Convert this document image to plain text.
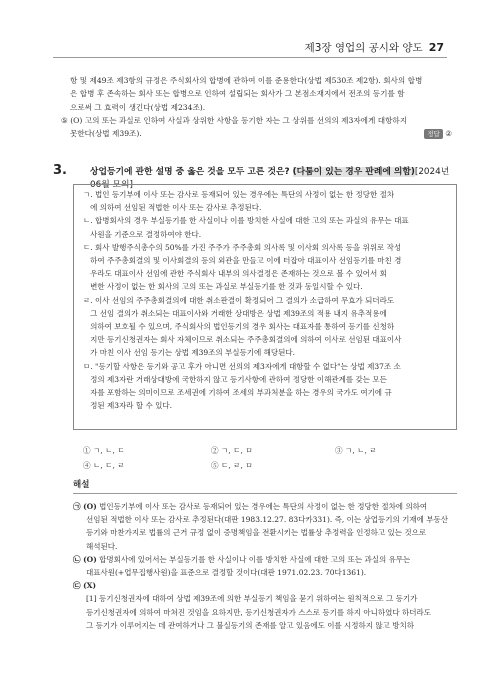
제3장 영업의 공시와 양도 27
항 및 제49조 제3항의 규정은 주식회사의 합병에 관하여 이를 준용한다(상법 제530조 제2항). 회사의 합병
은 합병 후 존속하는 회사 또는 합병으로 인하여 설립되는 회사가 그 본점소재지에서 전조의 등기를 함
으로써 그 효력이 생긴다(상법 제234조).
⑤ (O) 고의 또는 과실로 인하여 사실과 상위한 사항을 등기한 자는 그 상위를 선의의 제3자에게 대항하지
못한다(상법 제39조).	정답 ②
3.	상업등기에 관한 설명 중 옳은 것을 모두 고른 것은? (다툼이 있는 경우 판례에 의함)[2024년 06월 모의]
ㄱ. 법인 등기부에 이사 또는 감사로 등재되어 있는 경우에는 특단의 사정이 없는 한 정당한 절차
에 의하여 선임된 적법한 이사 또는 감사로 추정된다.
ㄴ. 합병회사의 경우 부실등기를 한 사실이나 이를 방치한 사실에 대한 고의 또는 과실의 유무는 대표
사원을 기준으로 결정하여야 한다.
ㄷ. 회사 발행주식총수의 50%를 가진 주주가 주주총회 의사록 및 이사회 의사록 등을 위위로 작성
하여 주주총회결의 및 이사회결의 등의 외관을 만들고 이에 터잡아 대표이사 선임등기를 마친 경
우라도 대표이사 선임에 관한 주식회사 내부의 의사결정은 존재하는 것으로 볼 수 있어서 회
변한 사정이 없는 한 회사의 고의 또는 과실로 부실등기를 한 것과 동일시할 수 있다.
ㄹ. 이사 선임의 주주총회결의에 대한 취소판결이 확정되어 그 결의가 소급하여 무효가 되더라도
그 선임 결의가 취소되는 대표이사와 거래한 상대방은 상법 제39조의 적용 내지 유추적용에
의하여 보호될 수 있으며, 주식회사의 법인등기의 경우 회사는 대표자를 통하여 등기를 신청하
지만 등기신청권자는 회사 자체이므로 취소되는 주주총회결의에 의하여 이사로 선임된 대표이사
가 마친 이사 선임 등기는 상법 제39조의 부실등기에 해당된다.
ㅁ. "등기할 사항은 등기와 공고 후가 아니면 선의의 제3자에게 대항할 수 없다"는 상법 제37조 소
정의 제3자란 거래상대방에 국한하지 않고 등기사항에 관하여 정당한 이해관계를 갖는 모든
자를 포함하는 의미이므로 조세권에 기하여 조세의 부과처분을 하는 경우의 국가도 여기에 규
정된 제3자라 할 수 있다.
① ㄱ, ㄴ, ㄷ	② ㄱ, ㄷ, ㅁ	③ ㄱ, ㄴ, ㄹ
④ ㄴ, ㄷ, ㄹ	⑤ ㄷ, ㄹ, ㅁ
해설
㉠ (O) 법인등기부에 이사 또는 감사로 등재되어 있는 경우에는 특단의 사정이 없는 한 정당한 절차에 의하여
선임된 적법한 이사 또는 감사로 추정된다(대판 1983.12.27. 83다카331). 즉, 이는 상업등기의 기재에 부동산
등기와 마찬가지로 법률의 근거 규정 없이 증명책임을 전환시키는 법률상 추정력을 인정하고 있는 것으로
해석된다.
㉡ (O) 합명회사에 있어서는 부실등기를 한 사실이나 이를 방치한 사실에 대한 고의 또는 과실의 유무는
대표사원(+업무집행사원)을 표준으로 결정할 것이다(대판 1971.02.23. 70다1361).
㉢ (X)
[1] 등기신청권자에 대하여 상법 제39조에 의한 부실등기 책임을 묻기 위하여는 원칙적으로 그 등기가
등기신청권자에 의하여 마쳐진 것임을 요하지만, 등기신청권자가 스스로 등기를 하지 아니하였다 하더라도
그 등기가 이루어지는 데 관여하거나 그 불실등기의 존재를 알고 있음에도 이를 시정하지 않고 방치하
